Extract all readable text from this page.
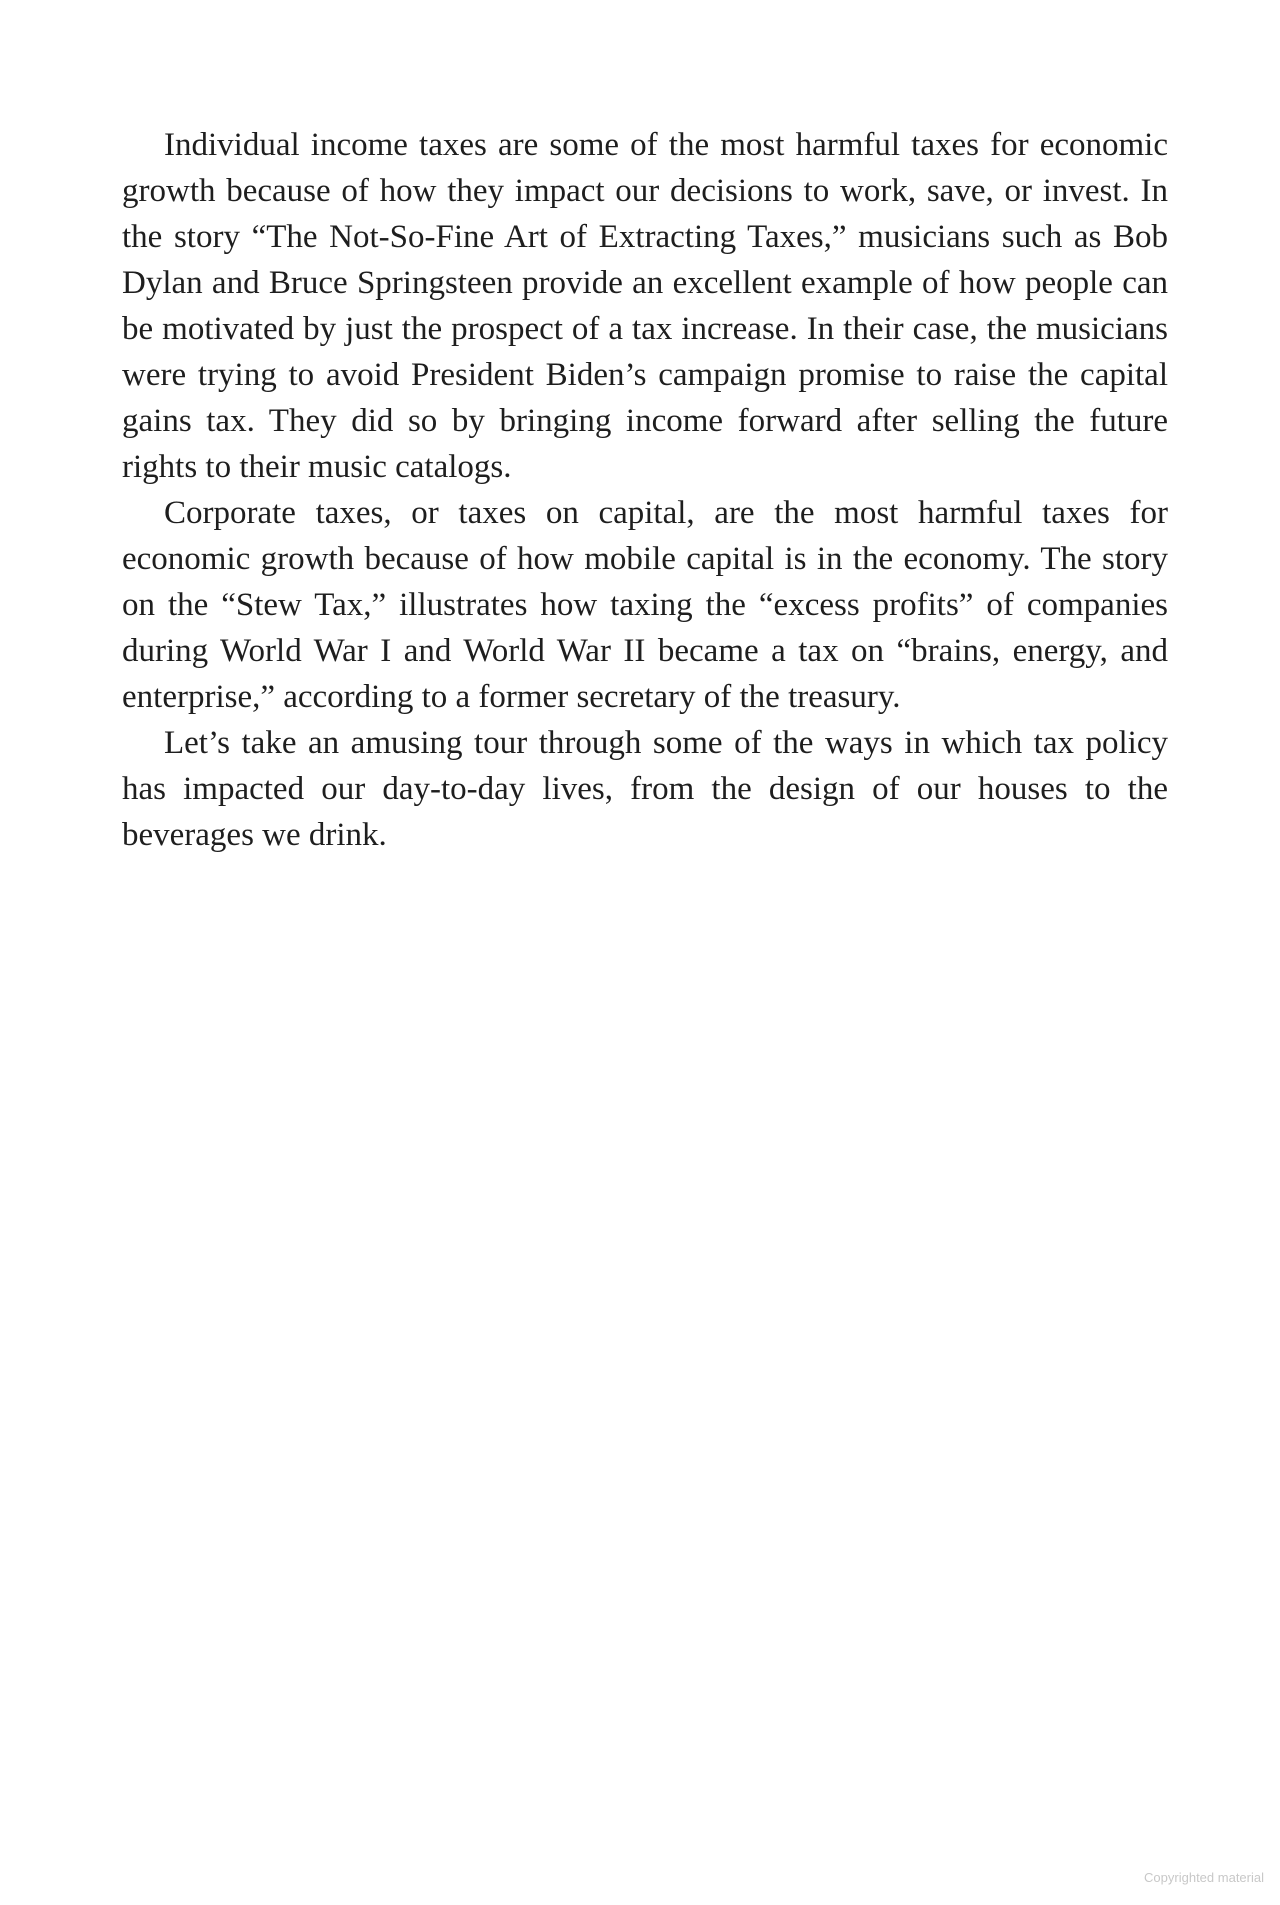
Individual income taxes are some of the most harmful taxes for economic growth because of how they impact our decisions to work, save, or invest. In the story “The Not-So-Fine Art of Extracting Taxes,” musicians such as Bob Dylan and Bruce Springsteen provide an excellent example of how people can be motivated by just the prospect of a tax increase. In their case, the musicians were trying to avoid President Biden’s campaign promise to raise the capital gains tax. They did so by bringing income forward after selling the future rights to their music catalogs.

Corporate taxes, or taxes on capital, are the most harmful taxes for economic growth because of how mobile capital is in the economy. The story on the “Stew Tax,” illustrates how taxing the “excess profits” of companies during World War I and World War II became a tax on “brains, energy, and enterprise,” according to a former secretary of the treasury.

Let’s take an amusing tour through some of the ways in which tax policy has impacted our day-to-day lives, from the design of our houses to the beverages we drink.

Copyrighted material
